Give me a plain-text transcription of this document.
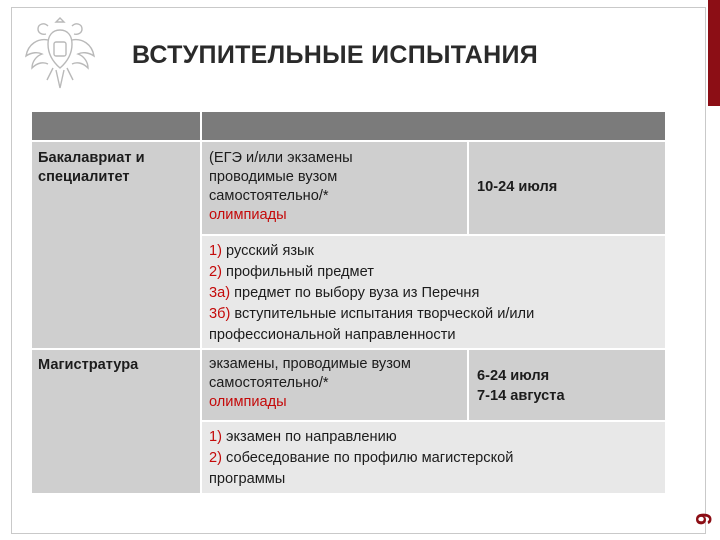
ВСТУПИТЕЛЬНЫЕ ИСПЫТАНИЯ
Бакалавриат и специалитет
(ЕГЭ и/или экзамены
проводимые вузом
самостоятельно/*
олимпиады
10-24 июля
1) русский язык
2) профильный предмет
3а) предмет по выбору вуза из Перечня
3б) вступительные испытания творческой и/или
профессиональной направленности
Магистратура	экзамены, проводимые вузом
самостоятельно/*
олимпиады
6-24 июля
7-14 августа
1) экзамен по направлению
2) собеседование по профилю магистерской
программы
6
